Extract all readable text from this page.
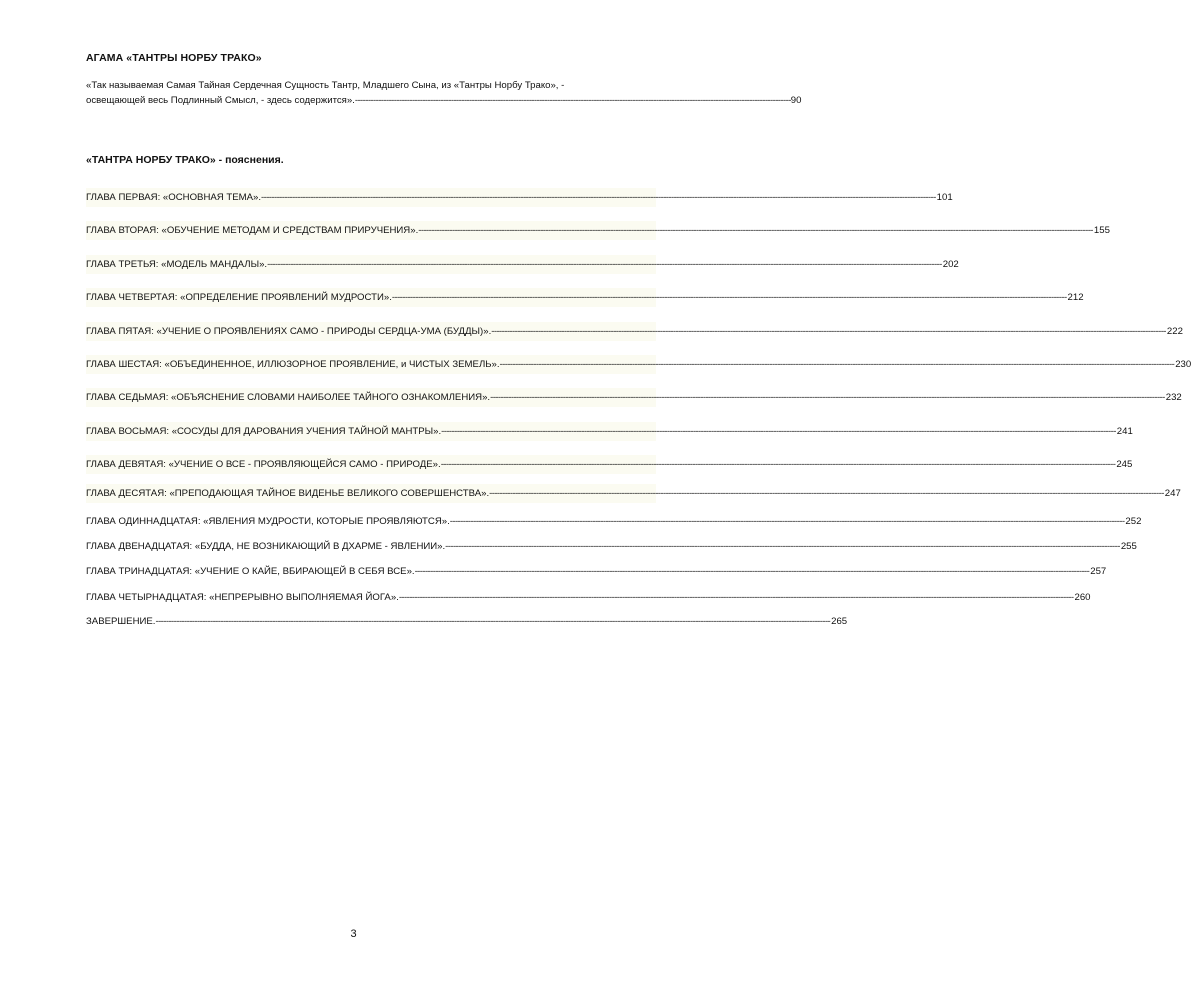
АГАМА «ТАНТРЫ НОРБУ ТРАКО»
«Так называемая Самая Тайная Сердечная Сущность Тантр, Младшего Сына, из «Тантры Норбу Трако», -
освещающей весь Подлинный Смысл, - здесь содержится». ------------------------------------------------------------------------------------------------------------------------------------------------------------------------ 90
«ТАНТРА НОРБУ ТРАКО» - пояснения.
ГЛАВА ПЕРВАЯ: «ОСНОВНАЯ ТЕМА». -------------------------------------------------------------------------------------------------------------------------------------------------------------------------------------------------------------------------------------------------------------------- 101
ГЛАВА ВТОРАЯ: «ОБУЧЕНИЕ МЕТОДАМ И СРЕДСТВАМ ПРИРУЧЕНИЯ». -------------------------------------------------------------------------------------------------------------------------------------------------------------------------------------------------------------------------------------------------------------------- 155
ГЛАВА ТРЕТЬЯ: «МОДЕЛЬ МАНДАЛЫ». -------------------------------------------------------------------------------------------------------------------------------------------------------------------------------------------------------------------------------------------------------------------- 202
ГЛАВА ЧЕТВЕРТАЯ: «ОПРЕДЕЛЕНИЕ ПРОЯВЛЕНИЙ МУДРОСТИ». -------------------------------------------------------------------------------------------------------------------------------------------------------------------------------------------------------------------------------------------------------------------- 212
ГЛАВА ПЯТАЯ: «УЧЕНИЕ О ПРОЯВЛЕНИЯХ САМО - ПРИРОДЫ СЕРДЦА-УМА (БУДДЫ)». -------------------------------------------------------------------------------------------------------------------------------------------------------------------------------------------------------------------------------------------------------------------- 222
ГЛАВА ШЕСТАЯ: «ОБЪЕДИНЕННОЕ, ИЛЛЮЗОРНОЕ ПРОЯВЛЕНИЕ, и ЧИСТЫХ ЗЕМЕЛЬ». -------------------------------------------------------------------------------------------------------------------------------------------------------------------------------------------------------------------------------------------------------------------- 230
ГЛАВА СЕДЬМАЯ: «ОБЪЯСНЕНИЕ СЛОВАМИ НАИБОЛЕЕ ТАЙНОГО ОЗНАКОМЛЕНИЯ». -------------------------------------------------------------------------------------------------------------------------------------------------------------------------------------------------------------------------------------------------------------------- 232
ГЛАВА ВОСЬМАЯ: «СОСУДЫ ДЛЯ ДАРОВАНИЯ УЧЕНИЯ ТАЙНОЙ МАНТРЫ». -------------------------------------------------------------------------------------------------------------------------------------------------------------------------------------------------------------------------------------------------------------------- 241
ГЛАВА ДЕВЯТАЯ: «УЧЕНИЕ О ВСЕ - ПРОЯВЛЯЮЩЕЙСЯ САМО - ПРИРОДЕ». -------------------------------------------------------------------------------------------------------------------------------------------------------------------------------------------------------------------------------------------------------------------- 245
ГЛАВА ДЕСЯТАЯ: «ПРЕПОДАЮЩАЯ ТАЙНОЕ ВИДЕНЬЕ ВЕЛИКОГО СОВЕРШЕНСТВА». -------------------------------------------------------------------------------------------------------------------------------------------------------------------------------------------------------------------------------------------------------------------- 247
ГЛАВА ОДИННАДЦАТАЯ: «ЯВЛЕНИЯ МУДРОСТИ, КОТОРЫЕ ПРОЯВЛЯЮТСЯ». -------------------------------------------------------------------------------------------------------------------------------------------------------------------------------------------------------------------------------------------------------------------- 252
ГЛАВА ДВЕНАДЦАТАЯ: «БУДДА, НЕ ВОЗНИКАЮЩИЙ В ДХАРМЕ - ЯВЛЕНИИ». -------------------------------------------------------------------------------------------------------------------------------------------------------------------------------------------------------------------------------------------------------------------- 255
ГЛАВА ТРИНАДЦАТАЯ: «УЧЕНИЕ О КАЙЕ, ВБИРАЮЩЕЙ В СЕБЯ ВСЕ». -------------------------------------------------------------------------------------------------------------------------------------------------------------------------------------------------------------------------------------------------------------------- 257
ГЛАВА ЧЕТЫРНАДЦАТАЯ: «НЕПРЕРЫВНО ВЫПОЛНЯЕМАЯ ЙОГА». -------------------------------------------------------------------------------------------------------------------------------------------------------------------------------------------------------------------------------------------------------------------- 260
ЗАВЕРШЕНИЕ. -------------------------------------------------------------------------------------------------------------------------------------------------------------------------------------------------------------------------------------------------------------------- 265
3
